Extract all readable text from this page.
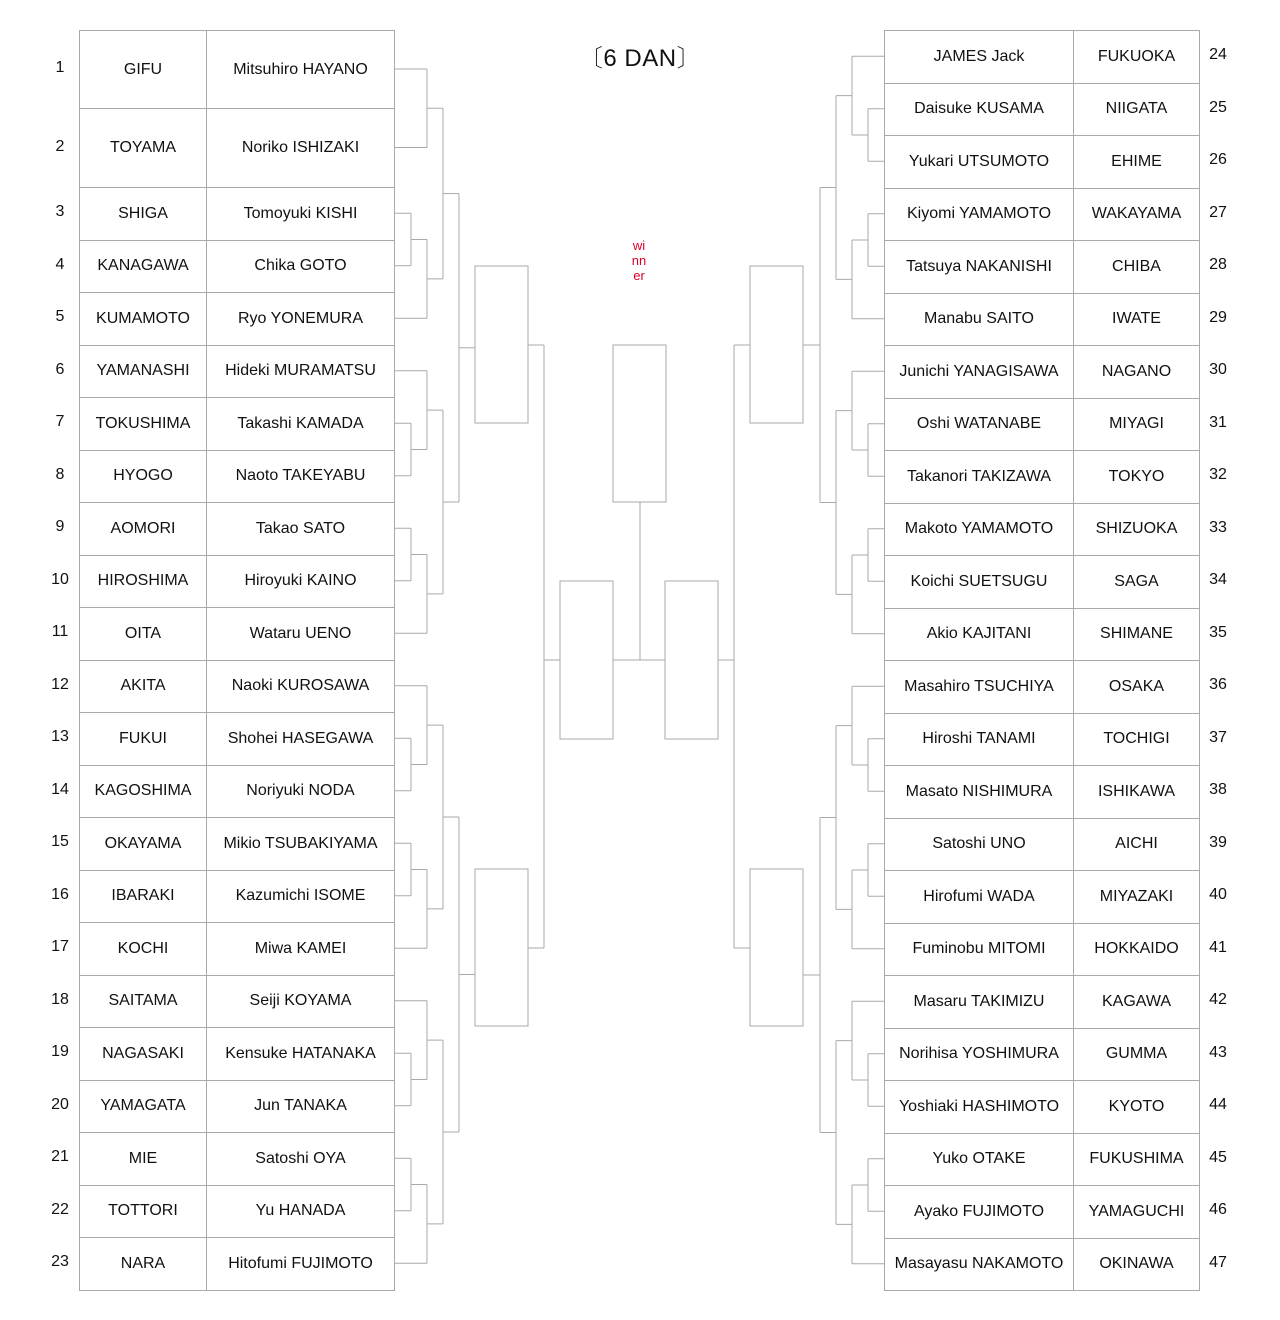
〔6 DAN〕
winner
1	GIFU	Mitsuhiro HAYANO
2	TOYAMA	Noriko ISHIZAKI
3	SHIGA	Tomoyuki KISHI
4	KANAGAWA	Chika GOTO
5	KUMAMOTO	Ryo YONEMURA
6	YAMANASHI	Hideki MURAMATSU
7	TOKUSHIMA	Takashi KAMADA
8	HYOGO	Naoto TAKEYABU
9	AOMORI	Takao SATO
10	HIROSHIMA	Hiroyuki KAINO
11	OITA	Wataru UENO
12	AKITA	Naoki KUROSAWA
13	FUKUI	Shohei HASEGAWA
14	KAGOSHIMA	Noriyuki NODA
15	OKAYAMA	Mikio TSUBAKIYAMA
16	IBARAKI	Kazumichi ISOME
17	KOCHI	Miwa KAMEI
18	SAITAMA	Seiji KOYAMA
19	NAGASAKI	Kensuke HATANAKA
20	YAMAGATA	Jun TANAKA
21	MIE	Satoshi OYA
22	TOTTORI	Yu HANADA
23	NARA	Hitofumi FUJIMOTO
JAMES Jack	FUKUOKA	24
Daisuke KUSAMA	NIIGATA	25
Yukari UTSUMOTO	EHIME	26
Kiyomi YAMAMOTO	WAKAYAMA	27
Tatsuya NAKANISHI	CHIBA	28
Manabu SAITO	IWATE	29
Junichi YANAGISAWA	NAGANO	30
Oshi WATANABE	MIYAGI	31
Takanori TAKIZAWA	TOKYO	32
Makoto YAMAMOTO	SHIZUOKA	33
Koichi SUETSUGU	SAGA	34
Akio KAJITANI	SHIMANE	35
Masahiro TSUCHIYA	OSAKA	36
Hiroshi TANAMI	TOCHIGI	37
Masato NISHIMURA	ISHIKAWA	38
Satoshi UNO	AICHI	39
Hirofumi WADA	MIYAZAKI	40
Fuminobu MITOMI	HOKKAIDO	41
Masaru TAKIMIZU	KAGAWA	42
Norihisa YOSHIMURA	GUMMA	43
Yoshiaki HASHIMOTO	KYOTO	44
Yuko OTAKE	FUKUSHIMA	45
Ayako FUJIMOTO	YAMAGUCHI	46
Masayasu NAKAMOTO	OKINAWA	47
